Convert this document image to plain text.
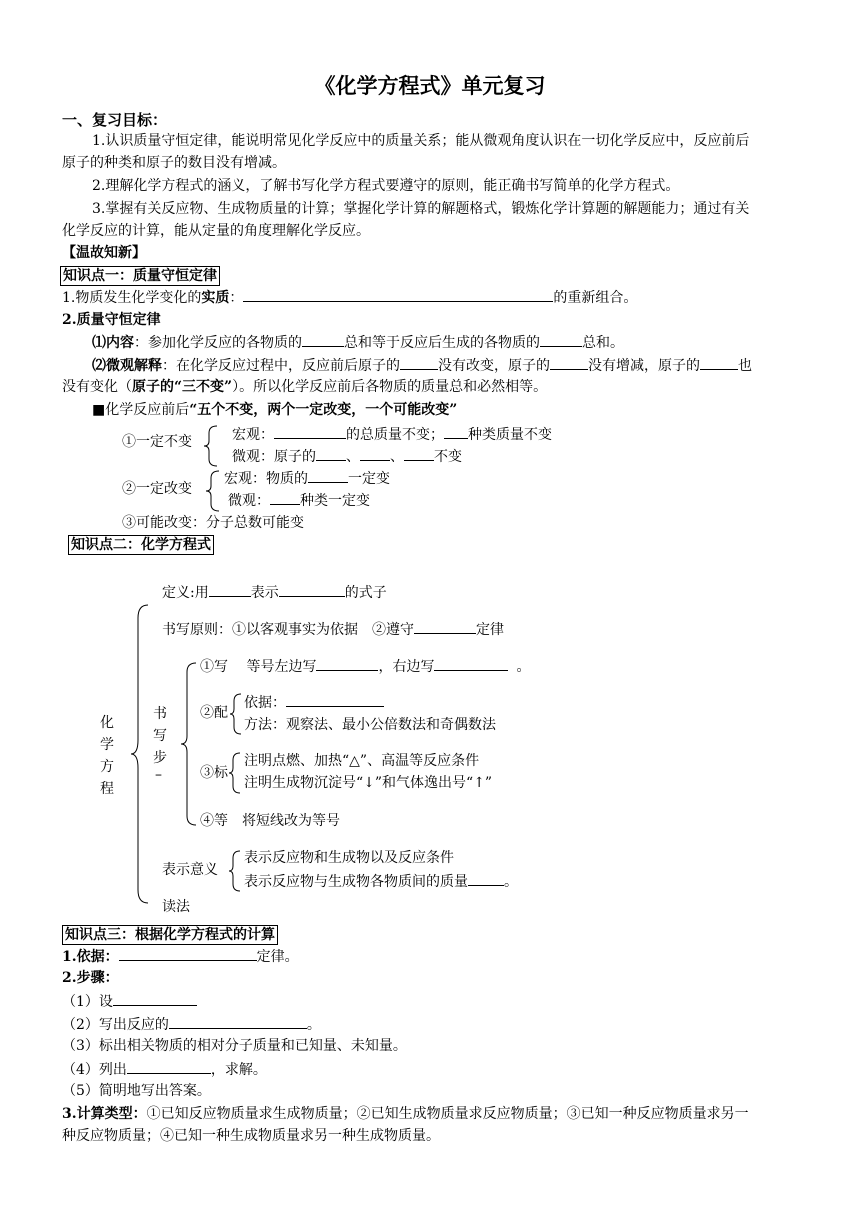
《化学方程式》单元复习
一、复习目标：
1.认识质量守恒定律，能说明常见化学反应中的质量关系；能从微观角度认识在一切化学反应中，反应前后
原子的种类和原子的数目没有增减。
2.理解化学方程式的涵义，了解书写化学方程式要遵守的原则，能正确书写简单的化学方程式。
3.掌握有关反应物、生成物质量的计算；掌握化学计算的解题格式，锻炼化学计算题的解题能力；通过有关
化学反应的计算，能从定量的角度理解化学反应。
【温故知新】
知识点一：质量守恒定律
1.物质发生化学变化的实质：	的重新组合。
2.质量守恒定律
⑴内容：参加化学反应的各物质的	总和等于反应后生成的各物质的	总和。
⑵微观解释：在化学反应过程中，反应前后原子的	没有改变，原子的	没有增减，原子的	也
没有变化（原子的“三不变”）。所以化学反应前后各物质的质量总和必然相等。
■化学反应前后“五个不变，两个一定改变，一个可能改变”
①一定不变	宏观：	的总质量不变； 种类质量不变
微观：原子的 、 、 不变
②一定改变
宏观：物质的	一定变
微观： 种类一定变
③可能改变：分子总数可能变
知识点二：化学方程式
化学方程
定义:用	表示	的式子
书写原则：①以客观事实为依据　②遵守	定律
书写步
–
①写　 等号左边写	，右边写	。
②配
依据：
方法：观察法、最小公倍数法和奇偶数法
③标
注明点燃、加热“△”、高温等反应条件
注明生成物沉淀号“↓”和气体逸出号“↑”
④等　将短线改为等号
表示意义
表示反应物和生成物以及反应条件
表示反应物与生成物各物质间的质量	。
读法
知识点三：根据化学方程式的计算
1.依据：	定律。
2.步骤：
（1）设
（2）写出反应的	。
（3）标出相关物质的相对分子质量和已知量、未知量。
（4）列出	，求解。
（5）简明地写出答案。
3.计算类型：①已知反应物质量求生成物质量；②已知生成物质量求反应物质量；③已知一种反应物质量求另一
种反应物质量；④已知一种生成物质量求另一种生成物质量。
